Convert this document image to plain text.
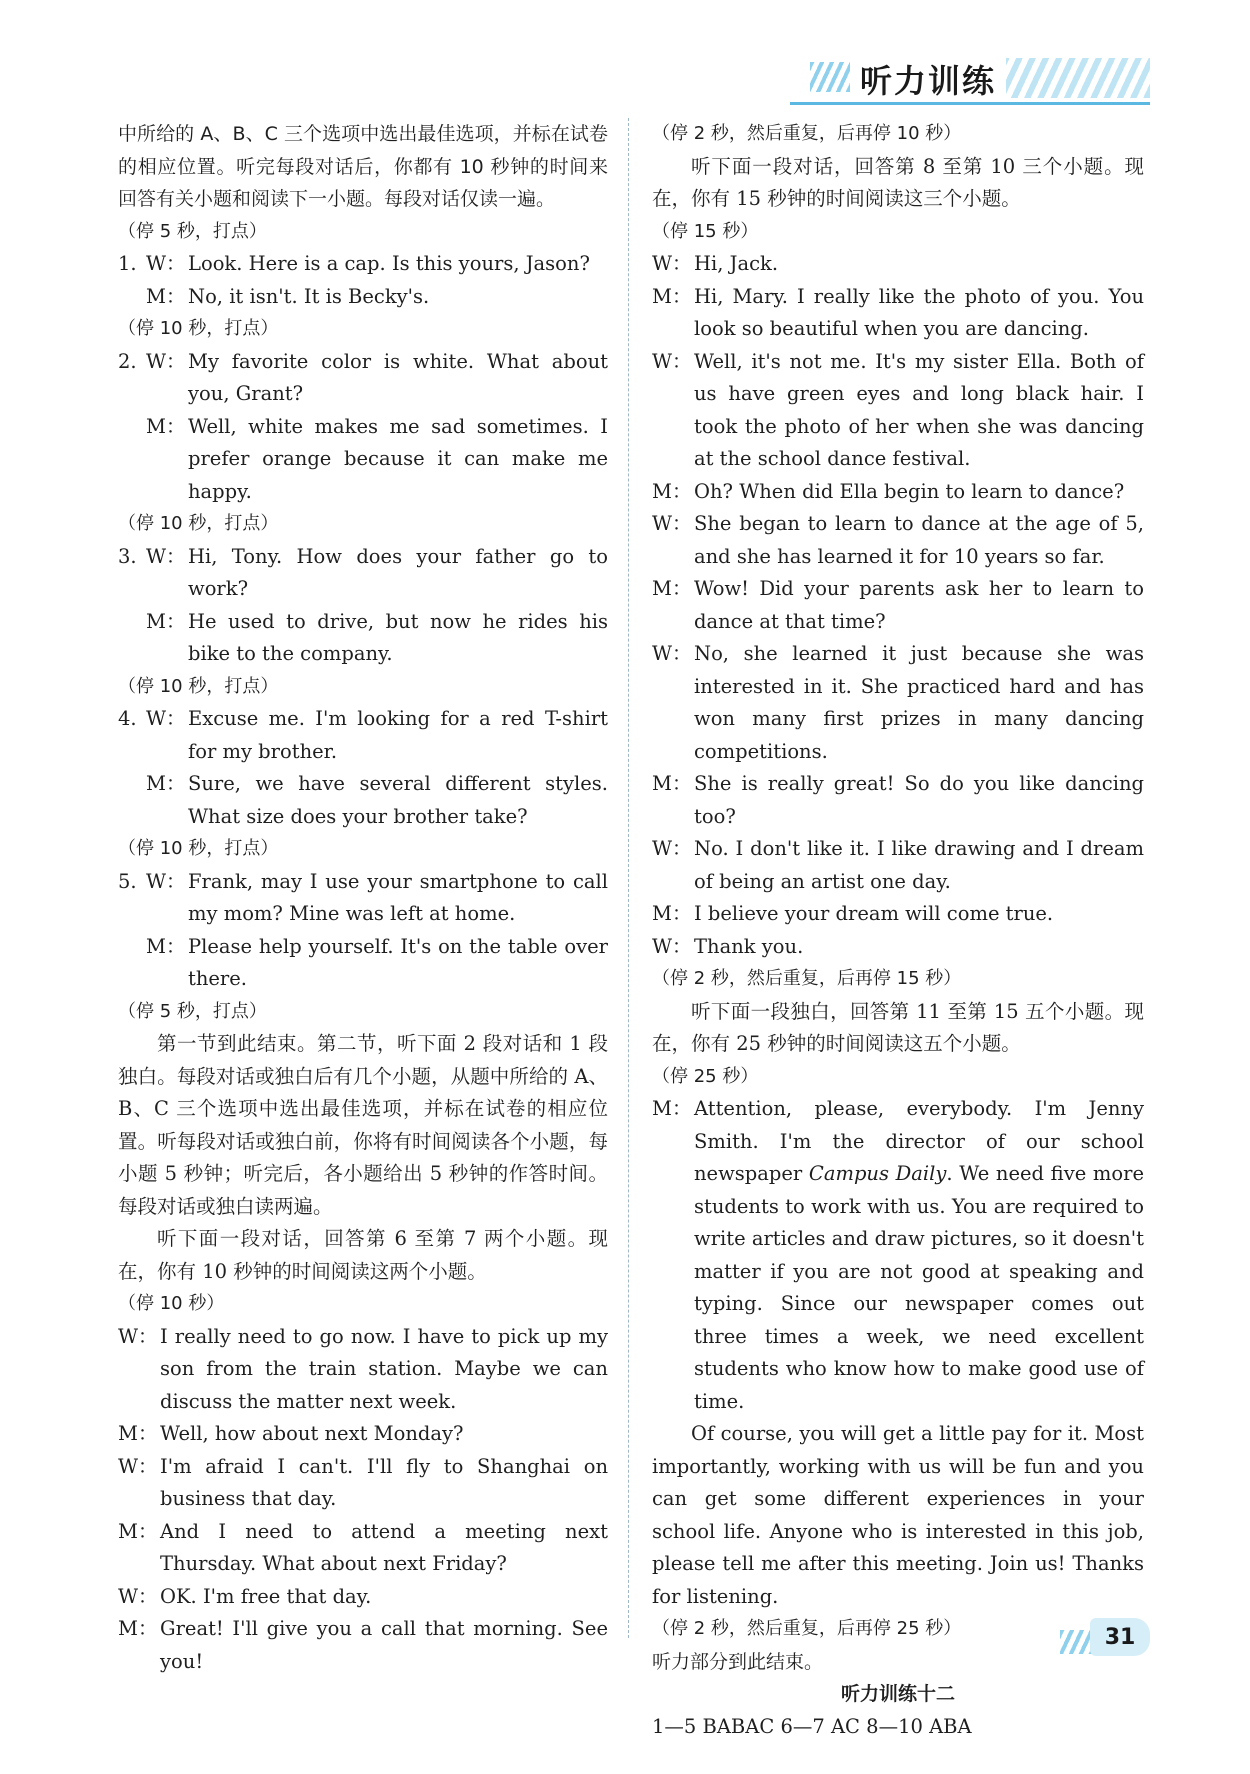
听力训练

中所给的 A、B、C 三个选项中选出最佳选项，并标在试卷的相应位置。听完每段对话后，你都有 10 秒钟的时间来回答有关小题和阅读下一小题。每段对话仅读一遍。

（停 5 秒，打点）

1. W： Look. Here is a cap. Is this yours, Jason?
M： No, it isn't. It is Becky's.

（停 10 秒，打点）

2. W： My favorite color is white. What about you, Grant?
M： Well, white makes me sad sometimes. I prefer orange because it can make me happy.

（停 10 秒，打点）

3. W： Hi, Tony. How does your father go to work?
M： He used to drive, but now he rides his bike to the company.

（停 10 秒，打点）

4. W： Excuse me. I'm looking for a red T-shirt for my brother.
M： Sure, we have several different styles. What size does your brother take?

（停 10 秒，打点）

5. W： Frank, may I use your smartphone to call my mom? Mine was left at home.
M： Please help yourself. It's on the table over there.

（停 5 秒，打点）

第一节到此结束。第二节，听下面 2 段对话和 1 段独白。每段对话或独白后有几个小题，从题中所给的 A、B、C 三个选项中选出最佳选项，并标在试卷的相应位置。听每段对话或独白前，你将有时间阅读各个小题，每小题 5 秒钟；听完后，各小题给出 5 秒钟的作答时间。每段对话或独白读两遍。

听下面一段对话，回答第 6 至第 7 两个小题。现在，你有 10 秒钟的时间阅读这两个小题。

（停 10 秒）

W： I really need to go now. I have to pick up my son from the train station. Maybe we can discuss the matter next week.
M： Well, how about next Monday?
W： I'm afraid I can't. I'll fly to Shanghai on business that day.
M： And I need to attend a meeting next Thursday. What about next Friday?
W： OK. I'm free that day.
M： Great! I'll give you a call that morning. See you!

（停 2 秒，然后重复，后再停 10 秒）

听下面一段对话，回答第 8 至第 10 三个小题。现在，你有 15 秒钟的时间阅读这三个小题。

（停 15 秒）

W： Hi, Jack.
M： Hi, Mary. I really like the photo of you. You look so beautiful when you are dancing.
W： Well, it's not me. It's my sister Ella. Both of us have green eyes and long black hair. I took the photo of her when she was dancing at the school dance festival.
M： Oh? When did Ella begin to learn to dance?
W： She began to learn to dance at the age of 5, and she has learned it for 10 years so far.
M： Wow! Did your parents ask her to learn to dance at that time?
W： No, she learned it just because she was interested in it. She practiced hard and has won many first prizes in many dancing competitions.
M： She is really great! So do you like dancing too?
W： No. I don't like it. I like drawing and I dream of being an artist one day.
M： I believe your dream will come true.
W： Thank you.

（停 2 秒，然后重复，后再停 15 秒）

听下面一段独白，回答第 11 至第 15 五个小题。现在，你有 25 秒钟的时间阅读这五个小题。

（停 25 秒）

M： Attention, please, everybody. I'm Jenny Smith. I'm the director of our school newspaper Campus Daily. We need five more students to work with us. You are required to write articles and draw pictures, so it doesn't matter if you are not good at speaking and typing. Since our newspaper comes out three times a week, we need excellent students who know how to make good use of time.

Of course, you will get a little pay for it. Most importantly, working with us will be fun and you can get some different experiences in your school life. Anyone who is interested in this job, please tell me after this meeting. Join us! Thanks for listening.

（停 2 秒，然后重复，后再停 25 秒）

听力部分到此结束。

听力训练十二

1—5 BABAC 6—7 AC 8—10 ABA

31
